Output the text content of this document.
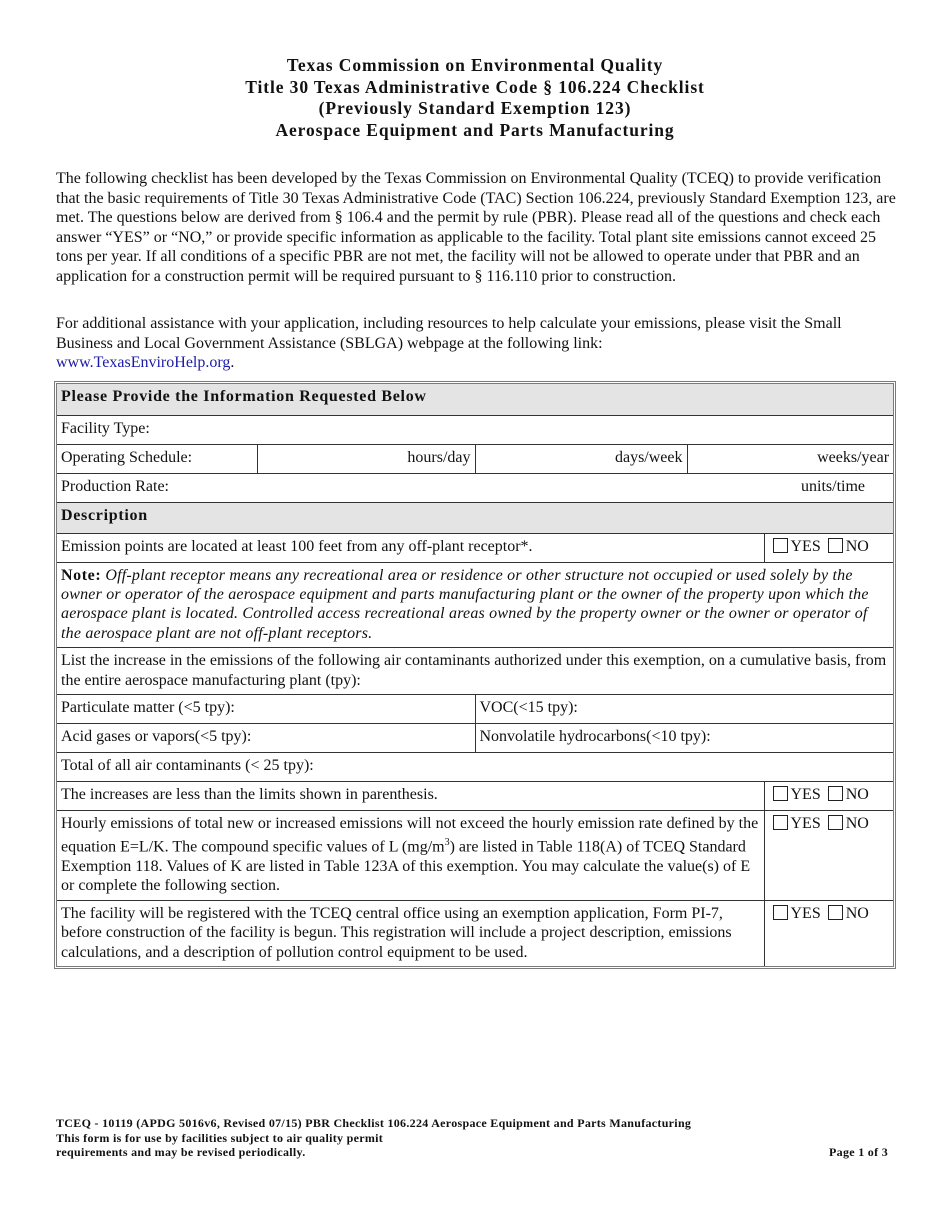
Texas Commission on Environmental Quality
Title 30 Texas Administrative Code § 106.224 Checklist
(Previously Standard Exemption 123)
Aerospace Equipment and Parts Manufacturing

The following checklist has been developed by the Texas Commission on Environmental Quality (TCEQ) to provide verification that the basic requirements of Title 30 Texas Administrative Code (TAC) Section 106.224, previously Standard Exemption 123, are met. The questions below are derived from § 106.4 and the permit by rule (PBR). Please read all of the questions and check each answer “YES” or “NO,” or provide specific information as applicable to the facility. Total plant site emissions cannot exceed 25 tons per year. If all conditions of a specific PBR are not met, the facility will not be allowed to operate under that PBR and an application for a construction permit will be required pursuant to § 116.110 prior to construction.

For additional assistance with your application, including resources to help calculate your emissions, please visit the Small Business and Local Government Assistance (SBLGA) webpage at the following link:
www.TexasEnviroHelp.org.

Please Provide the Information Requested Below				
Facility Type:				
Operating Schedule:	hours/day	days/week	weeks/year	
Production Rate: units/time				

Description				
Emission points are located at least 100 feet from any off-plant receptor*.				YES NO
Note: Off-plant receptor means any recreational area or residence or other structure not occupied or used solely by the owner or operator of the aerospace equipment and parts manufacturing plant or the owner of the property upon which the aerospace plant is located. Controlled access recreational areas owned by the property owner or the owner or operator of the aerospace plant are not off-plant receptors.				
List the increase in the emissions of the following air contaminants authorized under this exemption, on a cumulative basis, from the entire aerospace manufacturing plant (tpy):				
Particulate matter (<5 tpy):		VOC(<15 tpy):		
Acid gases or vapors(<5 tpy):		Nonvolatile hydrocarbons(<10 tpy):		
Total of all air contaminants (< 25 tpy):				
The increases are less than the limits shown in parenthesis.				YES NO
Hourly emissions of total new or increased emissions will not exceed the hourly emission rate defined by the equation E=L/K. The compound specific values of L $(mg/m^3)$ are listed in Table 118(A) of TCEQ Standard Exemption 118. Values of K are listed in Table 123A of this exemption. You may calculate the value(s) of E or complete the following section.				YES NO
The facility will be registered with the TCEQ central office using an exemption application, Form PI-7, before construction of the facility is begun. This registration will include a project description, emissions calculations, and a description of pollution control equipment to be used.				YES NO
TCEQ - 10119 (APDG 5016v6, Revised 07/15) PBR Checklist 106.224 Aerospace Equipment and Parts Manufacturing
This form is for use by facilities subject to air quality permit
requirements and may be revised periodically.	Page 1 of 3
